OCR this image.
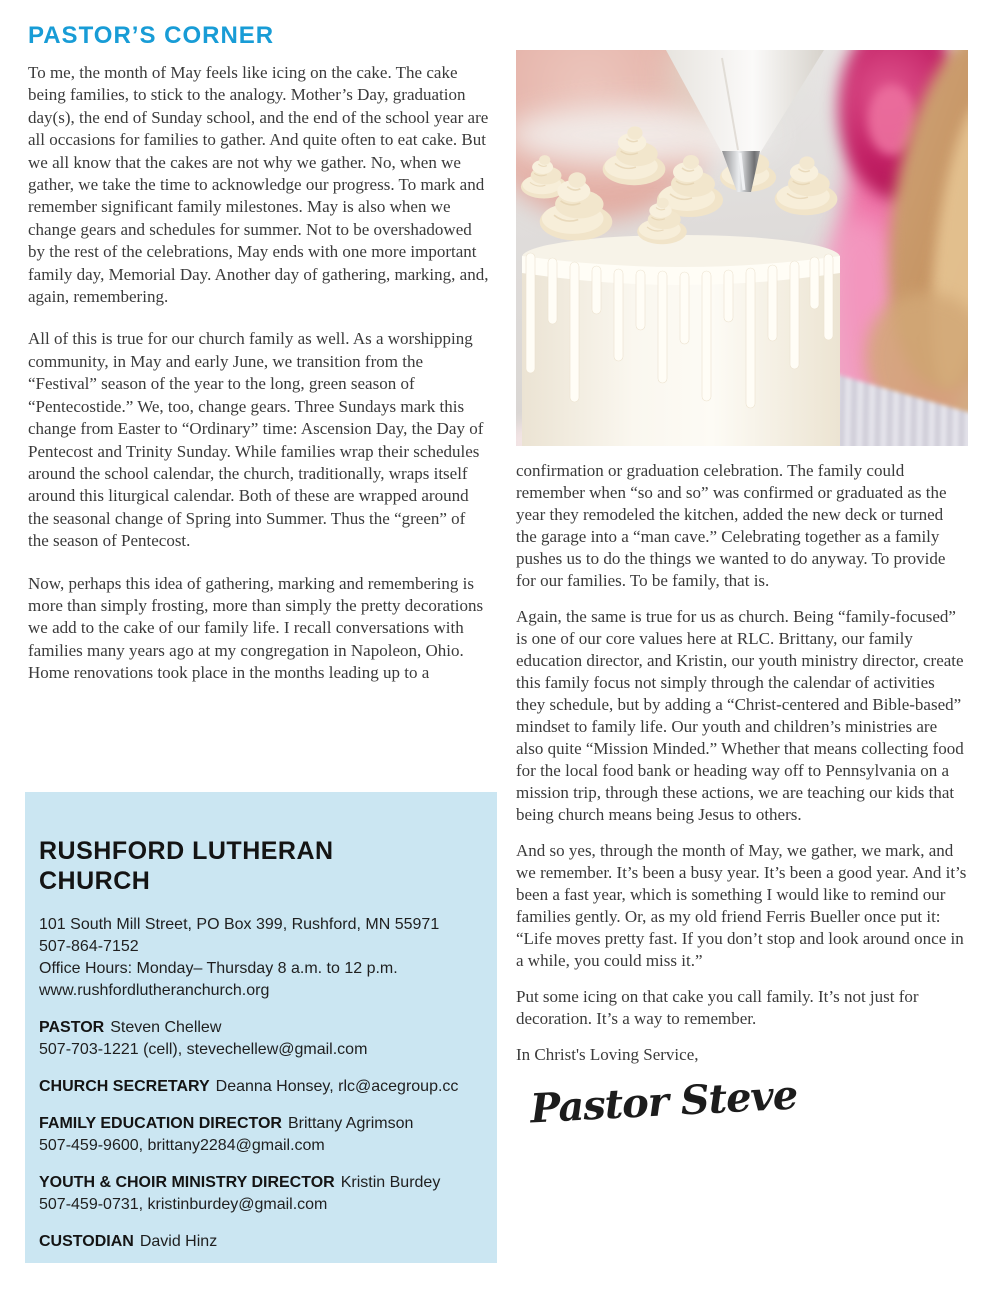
PASTOR’S CORNER

To me, the month of May feels like icing on the cake. The cake being families, to stick to the analogy. Mother’s Day, graduation day(s), the end of Sunday school, and the end of the school year are all occasions for families to gather. And quite often to eat cake. But we all know that the cakes are not why we gather. No, when we gather, we take the time to acknowledge our progress. To mark and remember significant family milestones. May is also when we change gears and schedules for summer. Not to be overshadowed by the rest of the celebrations, May ends with one more important family day, Memorial Day. Another day of gathering, marking, and, again, remembering.

All of this is true for our church family as well. As a worshipping community, in May and early June, we transition from the “Festival” season of the year to the long, green season of “Pentecostide.” We, too, change gears. Three Sundays mark this change from Easter to “Ordinary” time: Ascension Day, the Day of Pentecost and Trinity Sunday. While families wrap their schedules around the school calendar, the church, traditionally, wraps itself around this liturgical calendar. Both of these are wrapped around the seasonal change of Spring into Summer. Thus the “green” of the season of Pentecost.

Now, perhaps this idea of gathering, marking and remembering is more than simply frosting, more than simply the pretty decorations we add to the cake of our family life. I recall conversations with families many years ago at my congregation in Napoleon, Ohio. Home renovations took place in the months leading up to a

RUSHFORD LUTHERAN CHURCH
101 South Mill Street, PO Box 399, Rushford, MN 55971
507-864-7152
Office Hours: Monday– Thursday 8 a.m. to 12 p.m.
www.rushfordlutheranchurch.org
PASTOR Steven Chellew
507-703-1221 (cell), stevechellew@gmail.com
CHURCH SECRETARY Deanna Honsey, rlc@acegroup.cc
FAMILY EDUCATION DIRECTOR Brittany Agrimson
507-459-9600, brittany2284@gmail.com
YOUTH & CHOIR MINISTRY DIRECTOR Kristin Burdey
507-459-0731, kristinburdey@gmail.com
CUSTODIAN David Hinz

confirmation or graduation celebration. The family could remember when “so and so” was confirmed or graduated as the year they remodeled the kitchen, added the new deck or turned the garage into a “man cave.” Celebrating together as a family pushes us to do the things we wanted to do anyway. To provide for our families. To be family, that is.

Again, the same is true for us as church. Being “family-focused” is one of our core values here at RLC. Brittany, our family education director, and Kristin, our youth ministry director, create this family focus not simply through the calendar of activities they schedule, but by adding a “Christ-centered and Bible-based” mindset to family life. Our youth and children’s ministries are also quite “Mission Minded.” Whether that means collecting food for the local food bank or heading way off to Pennsylvania on a mission trip, through these actions, we are teaching our kids that being church means being Jesus to others.

And so yes, through the month of May, we gather, we mark, and we remember. It’s been a busy year. It’s been a good year. And it’s been a fast year, which is something I would like to remind our families gently. Or, as my old friend Ferris Bueller once put it: “Life moves pretty fast. If you don’t stop and look around once in a while, you could miss it.”

Put some icing on that cake you call family. It’s not just for decoration. It’s a way to remember.

In Christ's Loving Service,
Pastor Steve
